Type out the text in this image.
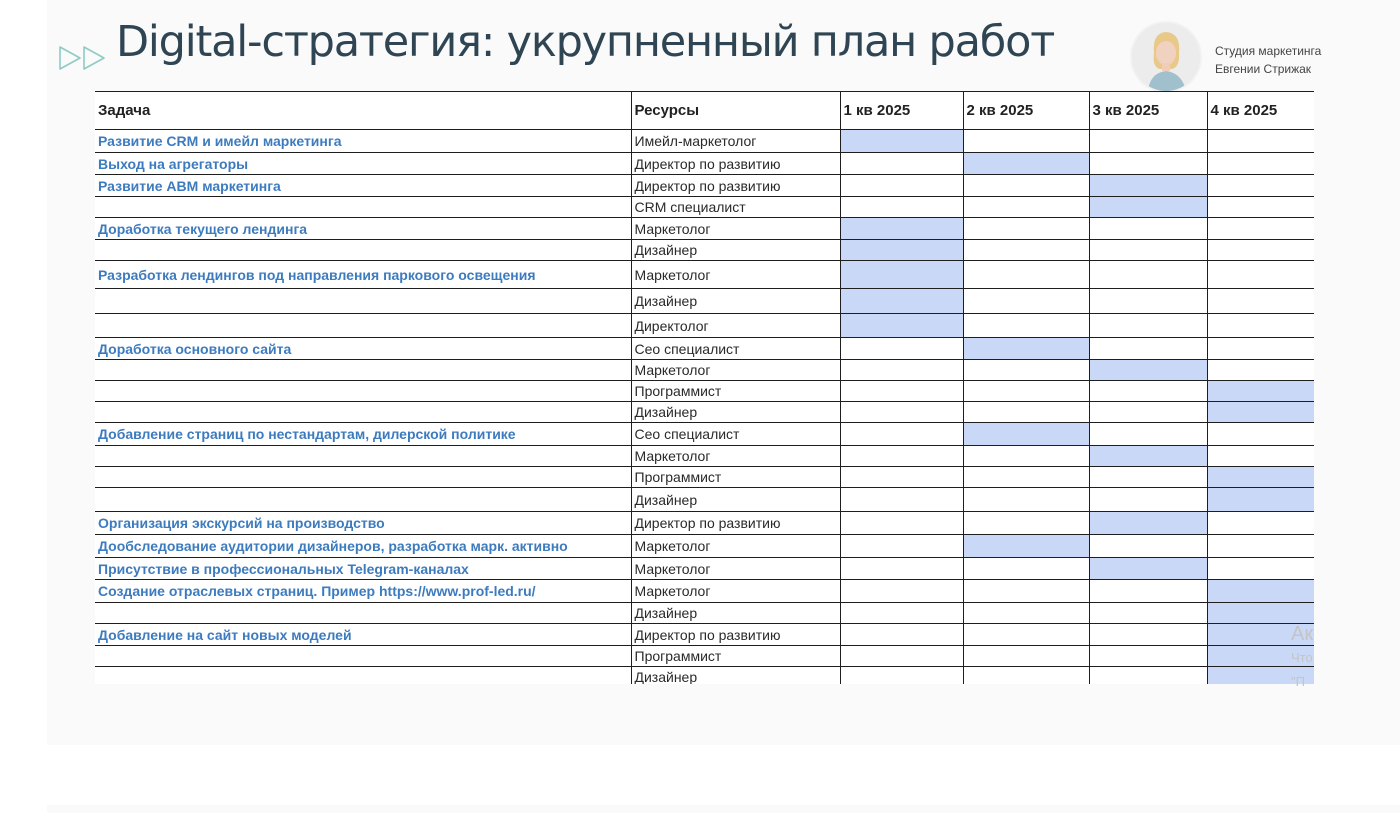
Digital-стратегия: укрупненный план работ	Студия маркетинга
Евгении Стрижак
Задача	Ресурсы	1 кв 2025	2 кв 2025	3 кв 2025	4 кв 2025
Развитие CRM и имейл маркетинга	Имейл-маркетолог				
Выход на агрегаторы	Директор по развитию				
Развитие ABM маркетинга	Директор по развитию				
	CRM специалист				
Доработка текущего лендинга	Маркетолог				
	Дизайнер				
Разработка лендингов под направления паркового освещения	Маркетолог				
	Дизайнер				
	Директолог				
Доработка основного сайта	Сео специалист				
	Маркетолог				
	Программист				
	Дизайнер				
Добавление страниц по нестандартам, дилерской политике	Сео специалист				
	Маркетолог				
	Программист				
	Дизайнер				
Организация экскурсий на производство	Директор по развитию				
Дообследование аудитории дизайнеров, разработка марк. активно	Маркетолог				
Присутствие в профессиональных Telegram-каналах	Маркетолог				
Создание отраслевых страниц. Пример https://www.prof-led.ru/	Маркетолог				
	Дизайнер				
Добавление на сайт новых моделей	Директор по развитию				
	Программист				
	Дизайнер				
Ак
Что
"П
